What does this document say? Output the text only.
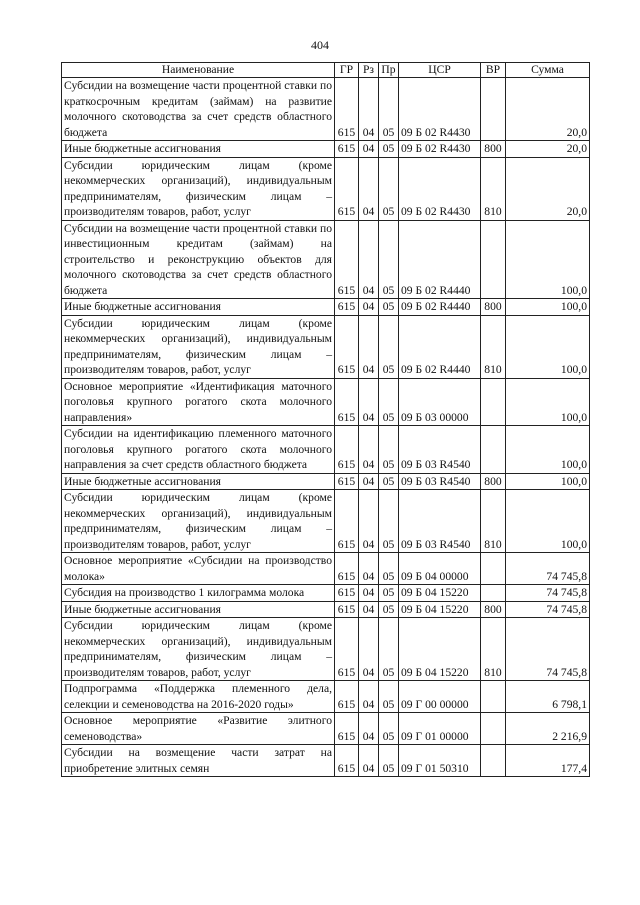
404
Наименование	ГР	Рз	Пр	ЦСР	ВР	Сумма
Субсидии на возмещение части процентной ставки по краткосрочным кредитам (займам) на развитие молочного скотоводства за счет средств областного бюджета	615	04	05	09 Б 02 R4430		20,0
Иные бюджетные ассигнования	615	04	05	09 Б 02 R4430	800	20,0
Субсидии юридическим лицам (кроме некоммерческих организаций), индивидуальным предпринимателям, физическим лицам – производителям товаров, работ, услуг	615	04	05	09 Б 02 R4430	810	20,0
Субсидии на возмещение части процентной ставки по инвестиционным кредитам (займам) на строительство и реконструкцию объектов для молочного скотоводства за счет средств областного бюджета	615	04	05	09 Б 02 R4440		100,0
Иные бюджетные ассигнования	615	04	05	09 Б 02 R4440	800	100,0
Субсидии юридическим лицам (кроме некоммерческих организаций), индивидуальным предпринимателям, физическим лицам – производителям товаров, работ, услуг	615	04	05	09 Б 02 R4440	810	100,0
Основное мероприятие «Идентификация маточного поголовья крупного рогатого скота молочного направления»	615	04	05	09 Б 03 00000		100,0
Субсидии на идентификацию племенного маточного поголовья крупного рогатого скота молочного направления за счет средств областного бюджета	615	04	05	09 Б 03 R4540		100,0
Иные бюджетные ассигнования	615	04	05	09 Б 03 R4540	800	100,0
Субсидии юридическим лицам (кроме некоммерческих организаций), индивидуальным предпринимателям, физическим лицам – производителям товаров, работ, услуг	615	04	05	09 Б 03 R4540	810	100,0
Основное мероприятие «Субсидии на производство молока»	615	04	05	09 Б 04 00000		74 745,8
Субсидия на производство 1 килограмма молока	615	04	05	09 Б 04 15220		74 745,8
Иные бюджетные ассигнования	615	04	05	09 Б 04 15220	800	74 745,8
Субсидии юридическим лицам (кроме некоммерческих организаций), индивидуальным предпринимателям, физическим лицам – производителям товаров, работ, услуг	615	04	05	09 Б 04 15220	810	74 745,8
Подпрограмма «Поддержка племенного дела, селекции и семеноводства на 2016-2020 годы»	615	04	05	09 Г 00 00000		6 798,1
Основное мероприятие «Развитие элитного семеноводства»	615	04	05	09 Г 01 00000		2 216,9
Субсидии на возмещение части затрат на приобретение элитных семян	615	04	05	09 Г 01 50310		177,4
